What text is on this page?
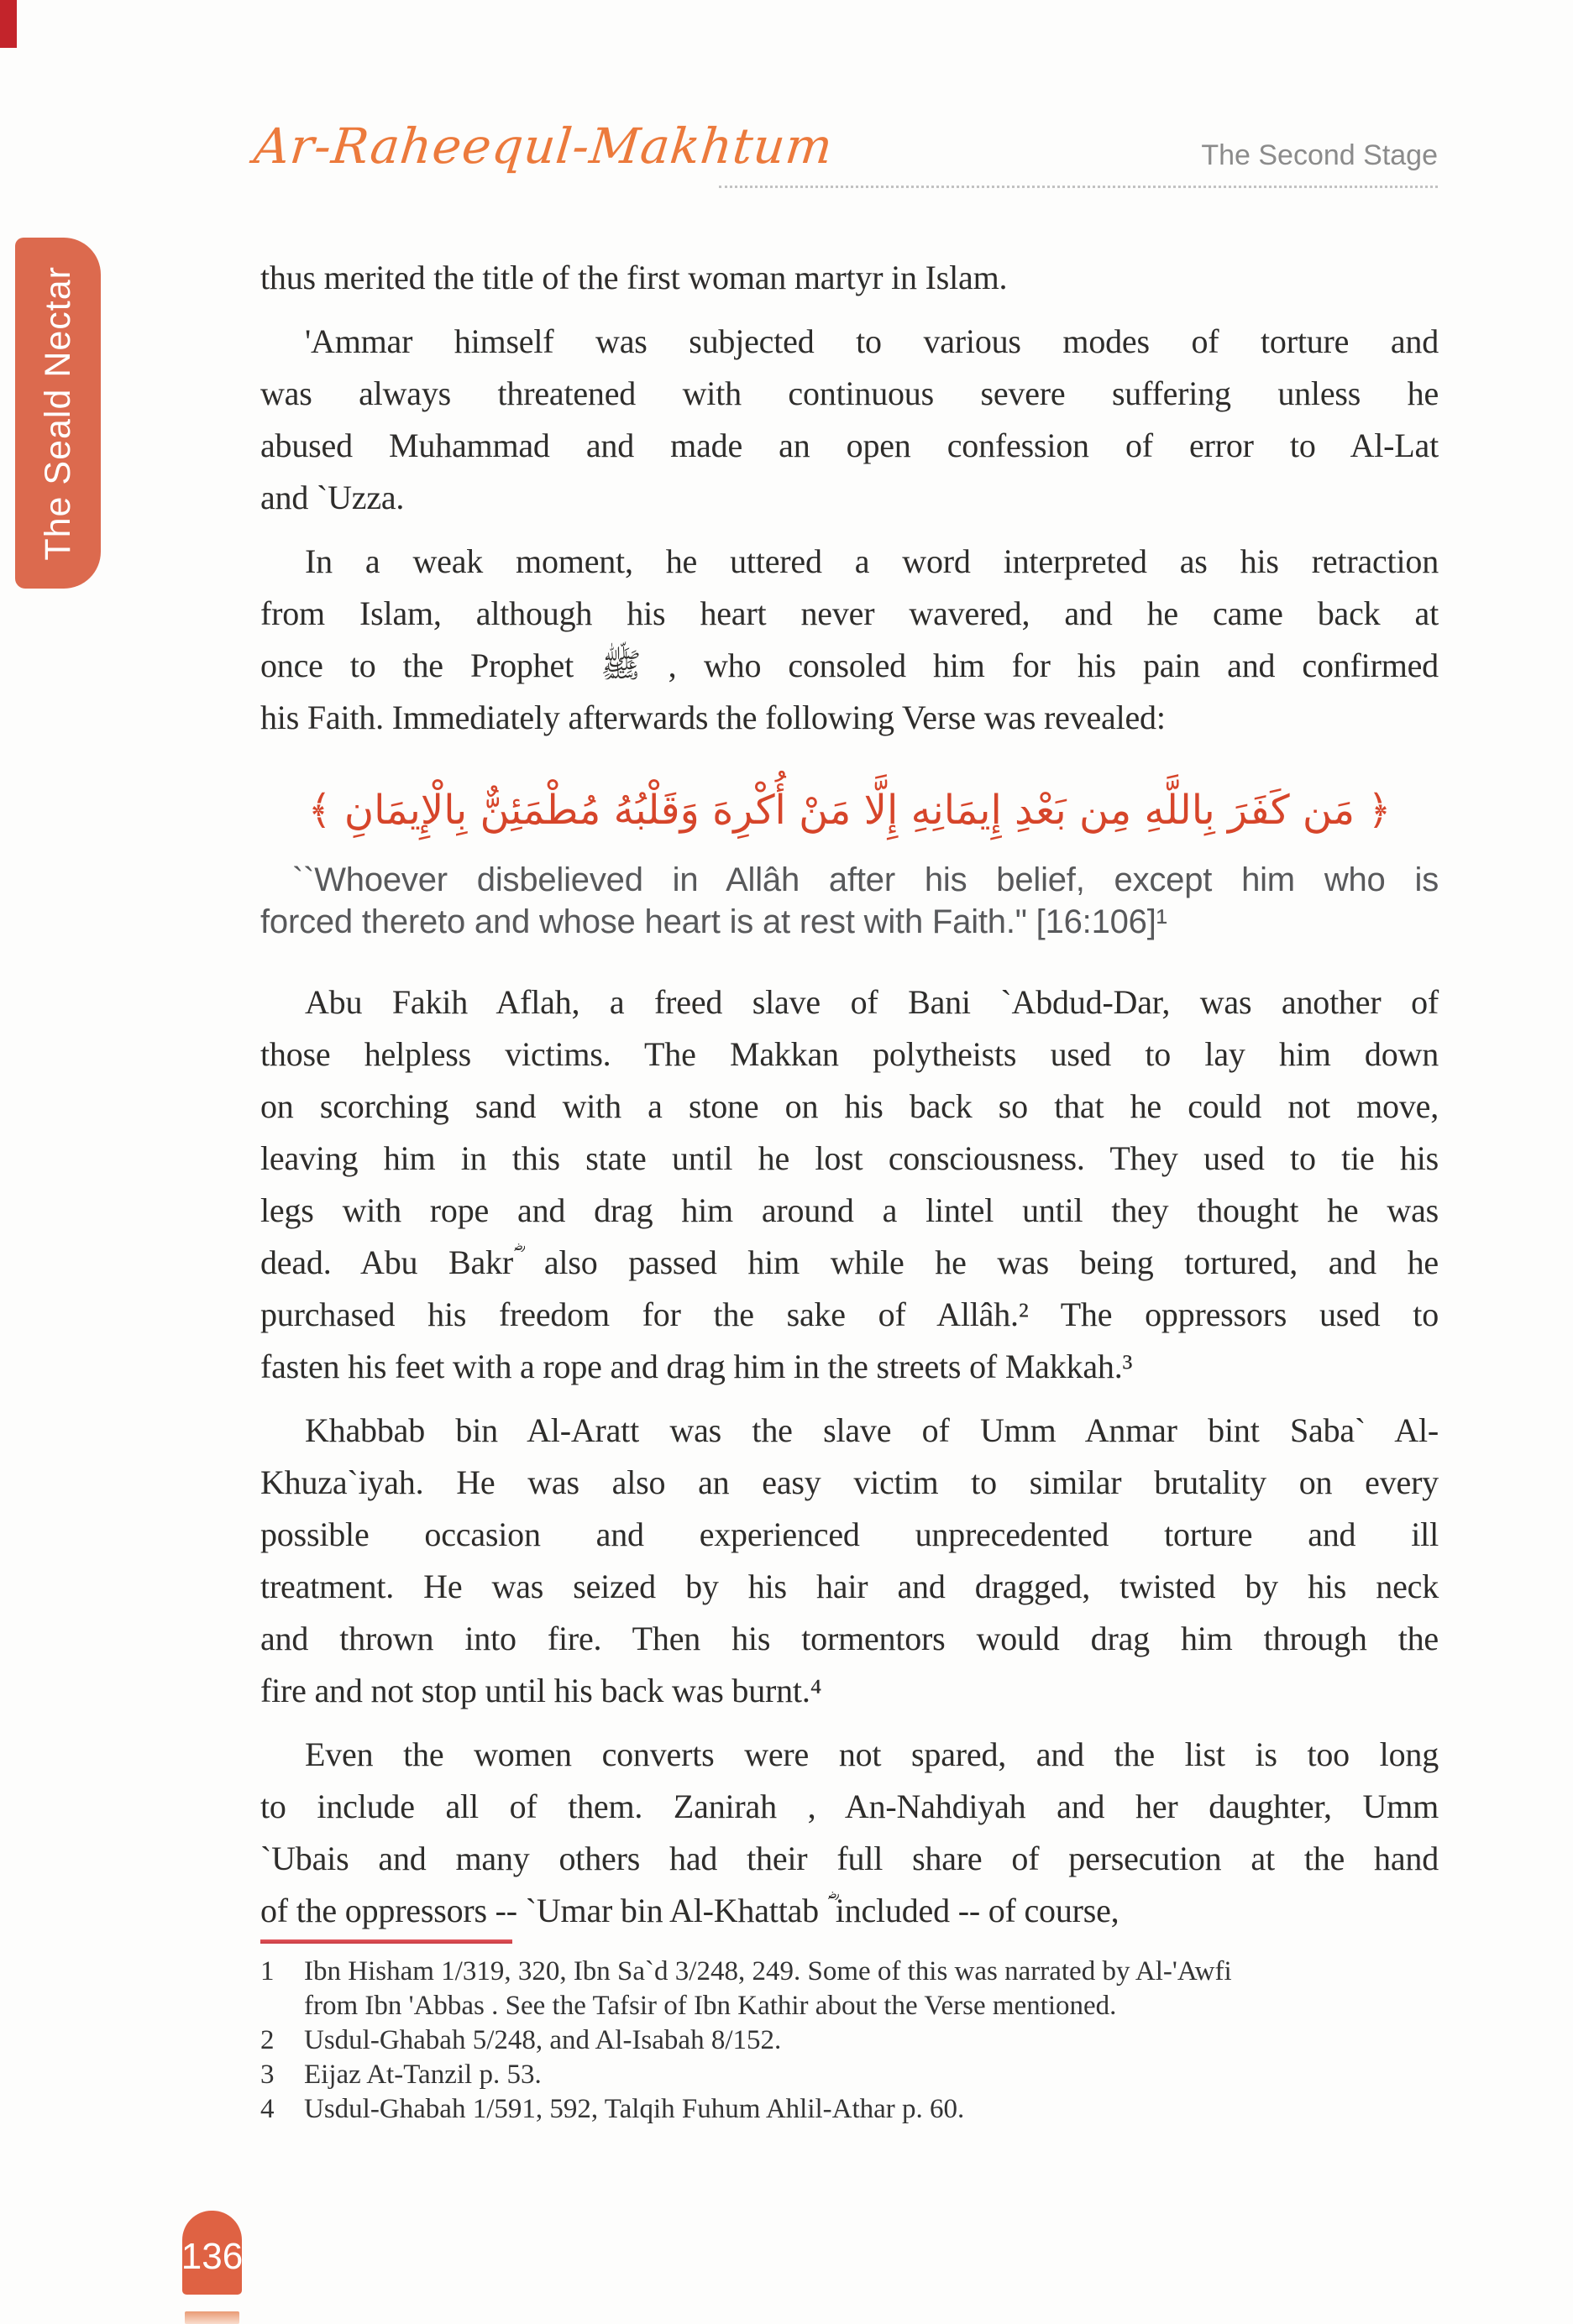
Ar-Raheequl-Makhtum	The Second Stage
The Seald Nectar	thus merited the title of the first woman martyr in Islam.
'Ammar himself was subjected to various modes of torture and
was always threatened with continuous severe suffering unless he
abused Muhammad and made an open confession of error to Al-Lat
and `Uzza.
In a weak moment, he uttered a word interpreted as his retraction
from Islam, although his heart never wavered, and he came back at
once to the Prophet ﷺ , who consoled him for his pain and confirmed
his Faith. Immediately afterwards the following Verse was revealed:
﴿ مَن كَفَرَ بِاللَّهِ مِن بَعْدِ إِيمَانِهِ إِلَّا مَنْ أُكْرِهَ وَقَلْبُهُ مُطْمَئِنٌّ بِالْإِيمَانِ ﴾
``Whoever disbelieved in Allâh after his belief, except him who is
forced thereto and whose heart is at rest with Faith." [16:106]¹
Abu Fakih Aflah, a freed slave of Bani `Abdud-Dar, was another of
those helpless victims. The Makkan polytheists used to lay him down
on scorching sand with a stone on his back so that he could not move,
leaving him in this state until he lost consciousness. They used to tie his
legs with rope and drag him around a lintel until they thought he was
dead. Abu Bakrؓ also passed him while he was being tortured, and he
purchased his freedom for the sake of Allâh.² The oppressors used to
fasten his feet with a rope and drag him in the streets of Makkah.³
Khabbab bin Al-Aratt was the slave of Umm Anmar bint Saba` Al-
Khuza`iyah. He was also an easy victim to similar brutality on every
possible occasion and experienced unprecedented torture and ill
treatment. He was seized by his hair and dragged, twisted by his neck
and thrown into fire. Then his tormentors would drag him through the
fire and not stop until his back was burnt.⁴
Even the women converts were not spared, and the list is too long
to include all of them. Zanirah , An-Nahdiyah and her daughter, Umm
`Ubais and many others had their full share of persecution at the hand
of the oppressors -- `Umar bin Al-Khattab ؓ included -- of course,
1	Ibn Hisham 1/319, 320, Ibn Sa`d 3/248, 249. Some of this was narrated by Al-'Awfi
from Ibn 'Abbas . See the Tafsir of Ibn Kathir about the Verse mentioned.
2	Usdul-Ghabah 5/248, and Al-Isabah 8/152.
3	Eijaz At-Tanzil p. 53.
4	Usdul-Ghabah 1/591, 592, Talqih Fuhum Ahlil-Athar p. 60.
136
